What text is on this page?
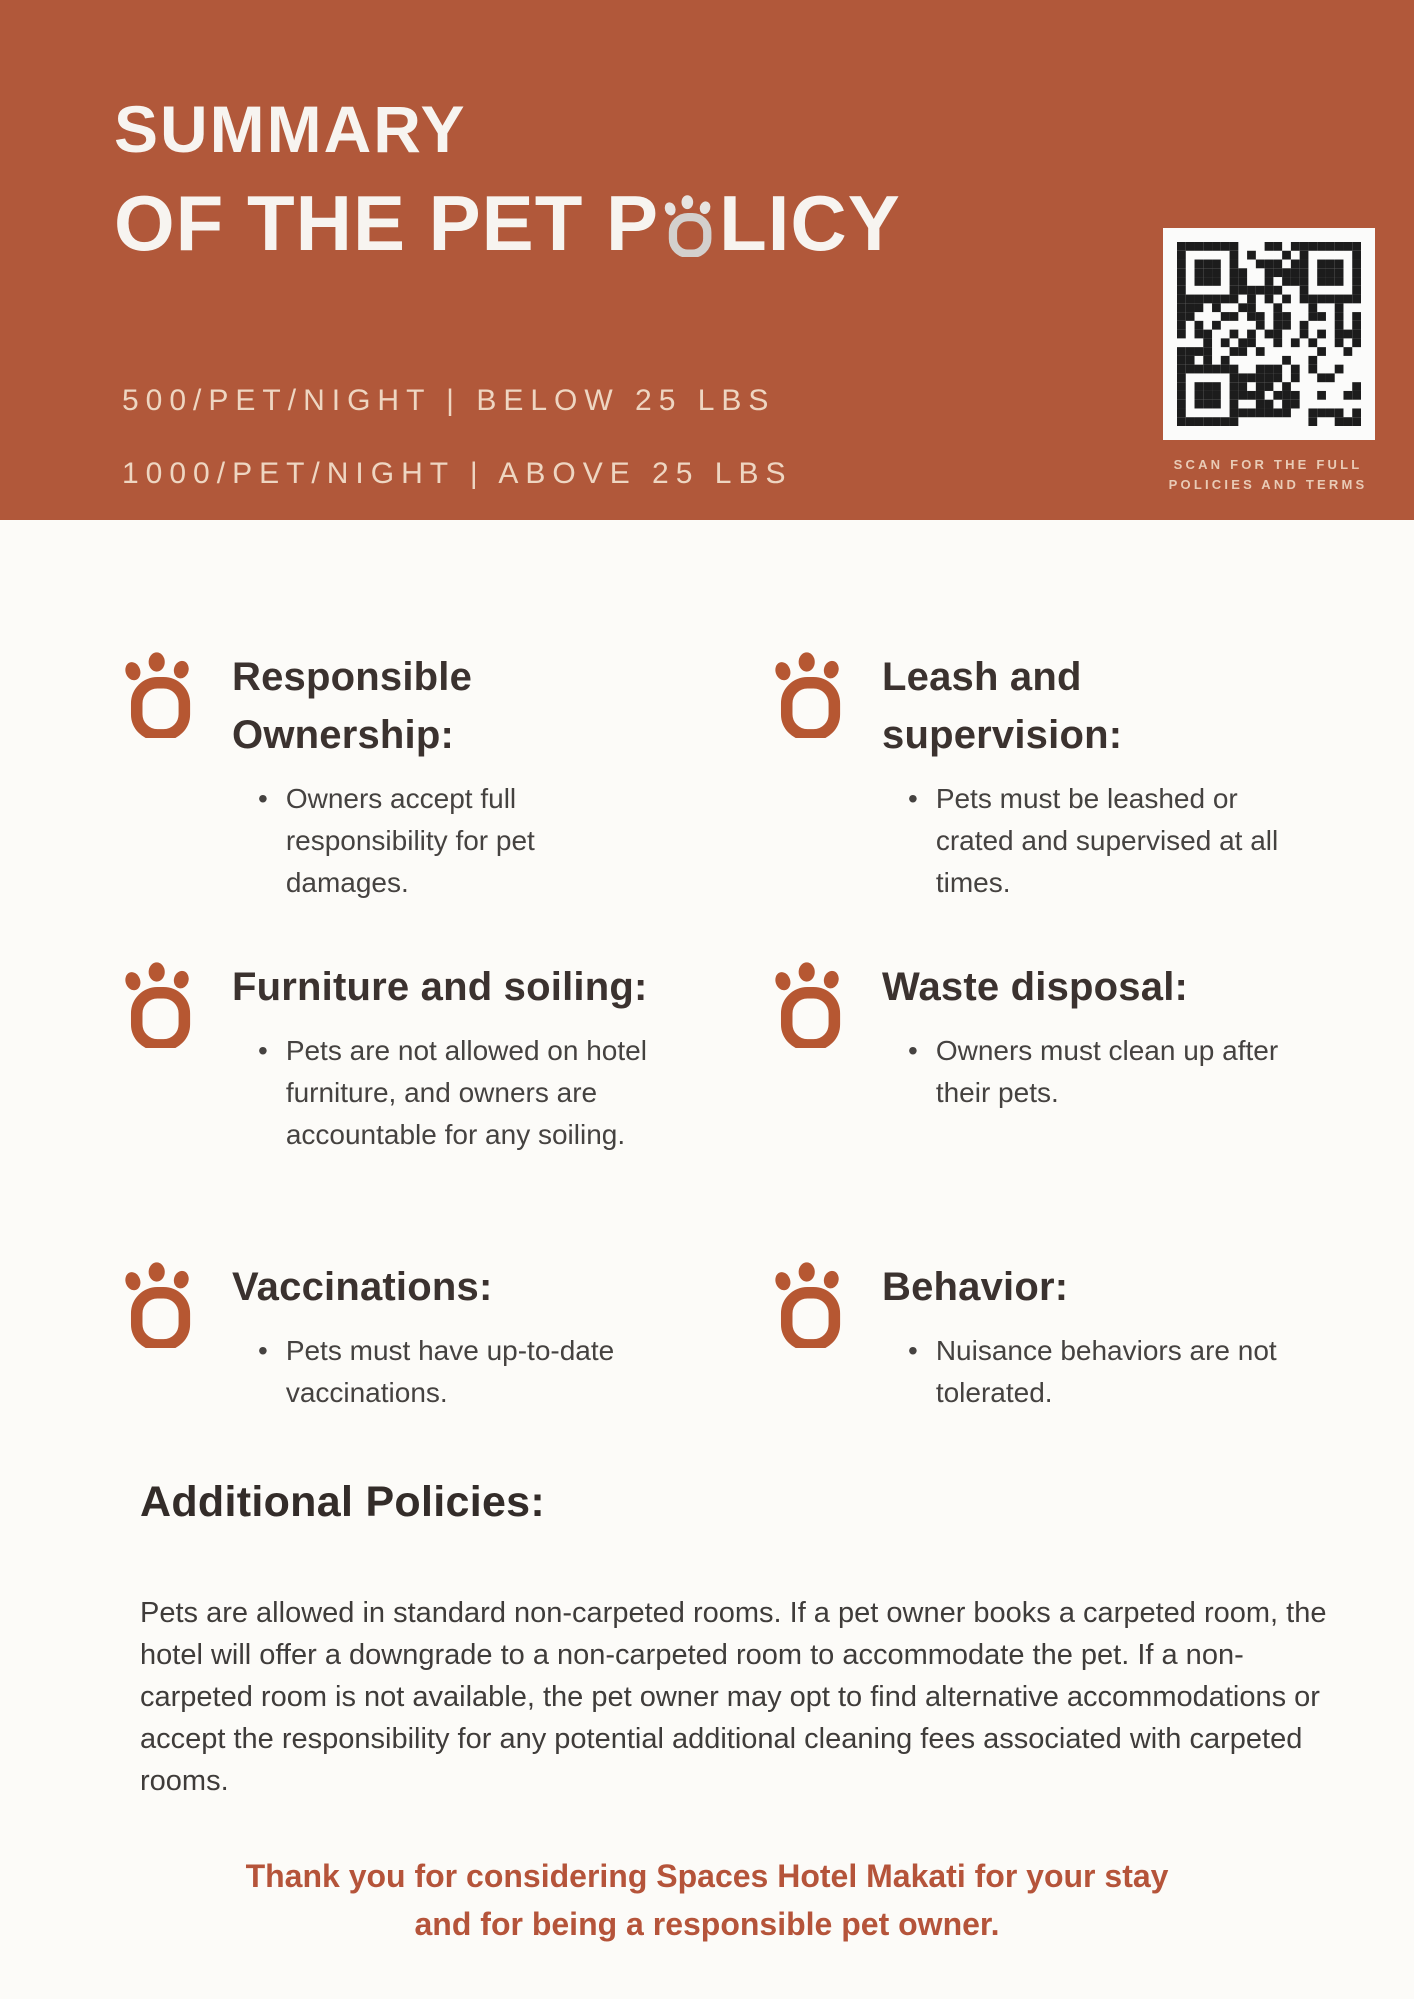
SUMMARY
OF THE PET P LICY
500/PET/NIGHT | BELOW 25 LBS
1000/PET/NIGHT | ABOVE 25 LBS	SCAN FOR THE FULL
POLICIES AND TERMS
Responsible Ownership:
• Owners accept full
responsibility for pet
damages.
Leash and supervision:
• Pets must be leashed or
crated and supervised at all
times.
Furniture and soiling:
• Pets are not allowed on hotel
furniture, and owners are
accountable for any soiling.
Waste disposal:
• Owners must clean up after
their pets.
Vaccinations:
• Pets must have up-to-date
vaccinations.
Behavior:
• Nuisance behaviors are not
tolerated.
Additional Policies:
Pets are allowed in standard non-carpeted rooms. If a pet owner books a carpeted room, the hotel will offer a downgrade to a non-carpeted room to accommodate the pet. If a non-carpeted room is not available, the pet owner may opt to find alternative accommodations or accept the responsibility for any potential additional cleaning fees associated with carpeted rooms.
Thank you for considering Spaces Hotel Makati for your stay
and for being a responsible pet owner.
